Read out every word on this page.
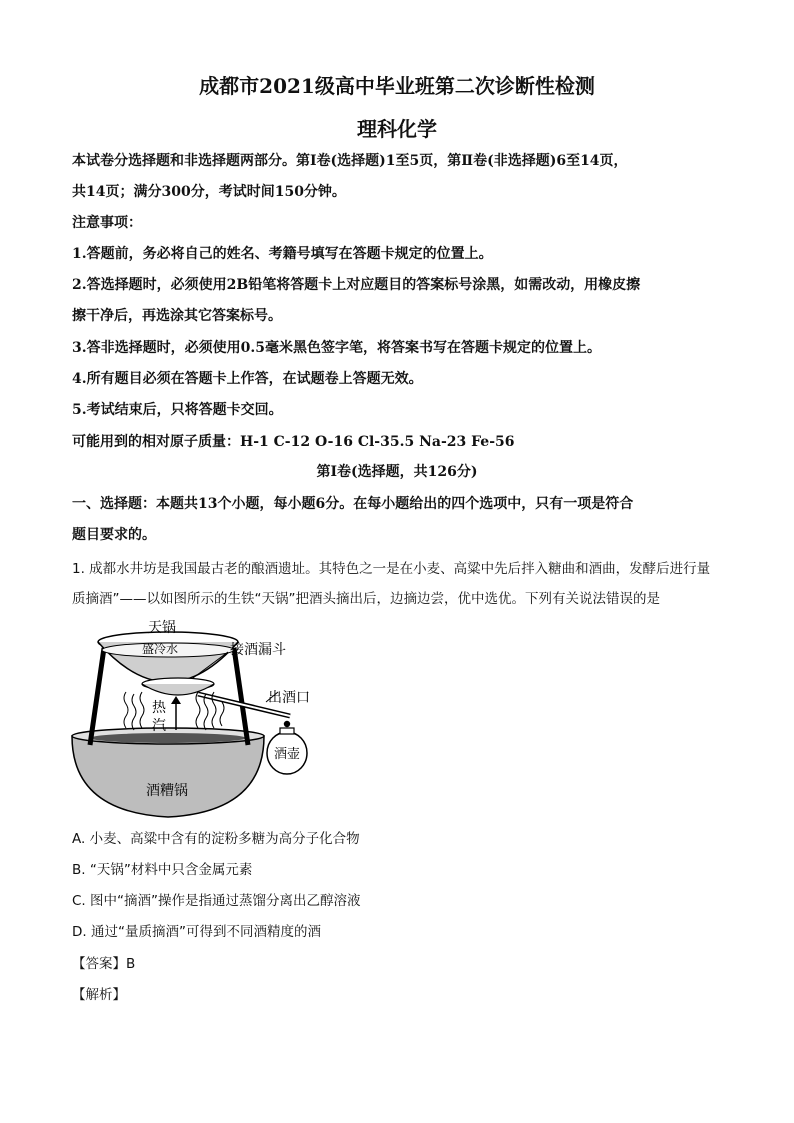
成都市2021级高中毕业班第二次诊断性检测
理科化学
本试卷分选择题和非选择题两部分。第Ⅰ卷(选择题)1至5页，第Ⅱ卷(非选择题)6至14页，
共14页；满分300分，考试时间150分钟。
注意事项：
1.答题前，务必将自己的姓名、考籍号填写在答题卡规定的位置上。
2.答选择题时，必须使用2B铅笔将答题卡上对应题目的答案标号涂黑，如需改动，用橡皮擦
擦干净后，再选涂其它答案标号。
3.答非选择题时，必须使用0.5毫米黑色签字笔，将答案书写在答题卡规定的位置上。
4.所有题目必须在答题卡上作答，在试题卷上答题无效。
5.考试结束后，只将答题卡交回。
可能用到的相对原子质量：H-1 C-12 O-16 Cl-35.5 Na-23 Fe-56
第Ⅰ卷(选择题，共126分)
一、选择题：本题共13个小题，每小题6分。在每小题给出的四个选项中，只有一项是符合
题目要求的。
1. 成都水井坊是我国最古老的酿酒遗址。其特色之一是在小麦、高粱中先后拌入糖曲和酒曲，发酵后进行量
质摘酒”——以如图所示的生铁“天锅”把酒头摘出后，边摘边尝，优中选优。下列有关说法错误的是
天锅
盛冷水	接酒漏斗
出酒口
热
汽
酒壶
酒糟锅
A. 小麦、高粱中含有的淀粉多糖为高分子化合物
B. “天锅”材料中只含金属元素
C. 图中“摘酒”操作是指通过蒸馏分离出乙醇溶液
D. 通过“量质摘酒”可得到不同酒精度的酒
【答案】B
【解析】
